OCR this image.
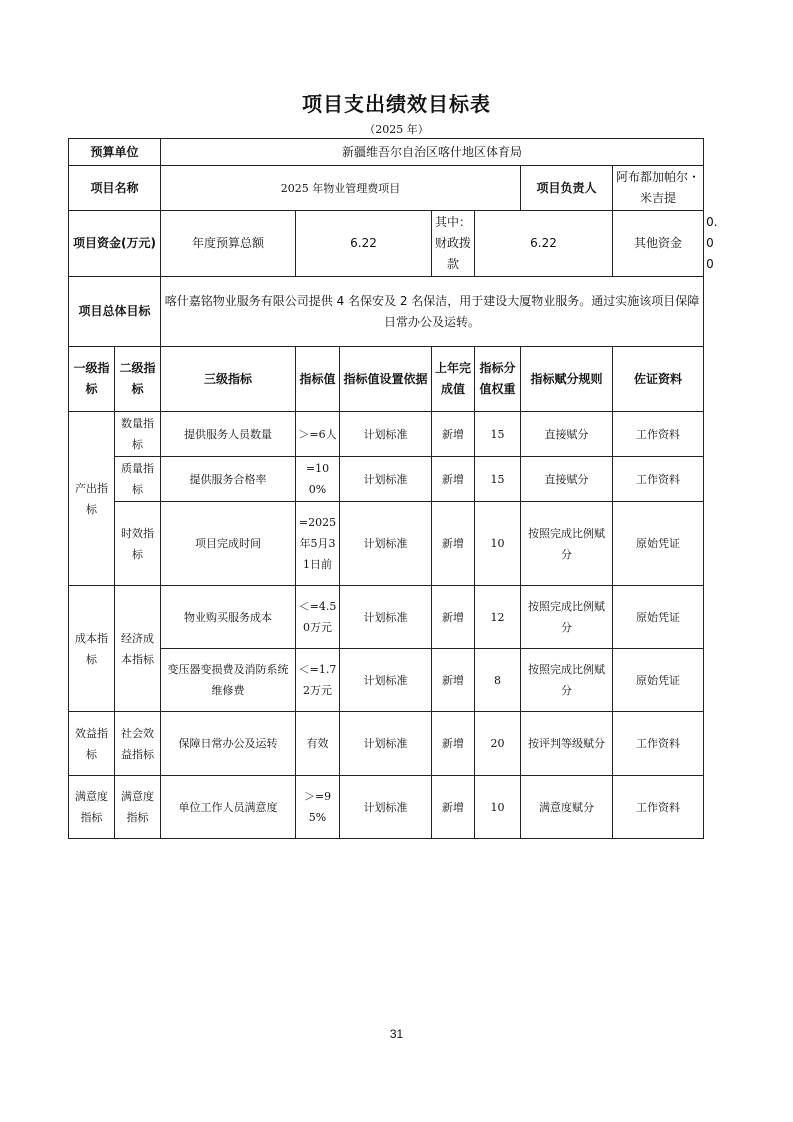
项目支出绩效目标表
（2025 年）
预算单位		新疆维吾尔自治区喀什地区体育局							
项目名称		2025 年物业管理费项目					项目负责人	阿布都加帕尔・米吉提	
项目资金(万元)		年度预算总额	6.22		其中：财政拨款	6.22		其他资金	0.00
项目总体目标		喀什嘉铭物业服务有限公司提供 4 名保安及 2 名保洁，用于建设大厦物业服务。通过实施该项目保障日常办公及运转。							
一级指标	二级指标	三级指标	指标值	指标值设置依据	上年完成值	指标分值权重	指标赋分规则	佐证资料	
产出指标	数量指标	提供服务人员数量	＞=6人	计划标准	新增	15	直接赋分	工作资料	
	质量指标	提供服务合格率	=100%	计划标准	新增	15	直接赋分	工作资料	
	时效指标	项目完成时间	=2025年5月31日前	计划标准	新增	10	按照完成比例赋分	原始凭证	
成本指标	经济成本指标	物业购买服务成本	＜=4.50万元	计划标准	新增	12	按照完成比例赋分	原始凭证	
		变压器变损费及消防系统维修费	＜=1.72万元	计划标准	新增	8	按照完成比例赋分	原始凭证	
效益指标	社会效益指标	保障日常办公及运转	有效	计划标准	新增	20	按评判等级赋分	工作资料	
满意度指标	满意度指标	单位工作人员满意度	＞=95%	计划标准	新增	10	满意度赋分	工作资料	
31
